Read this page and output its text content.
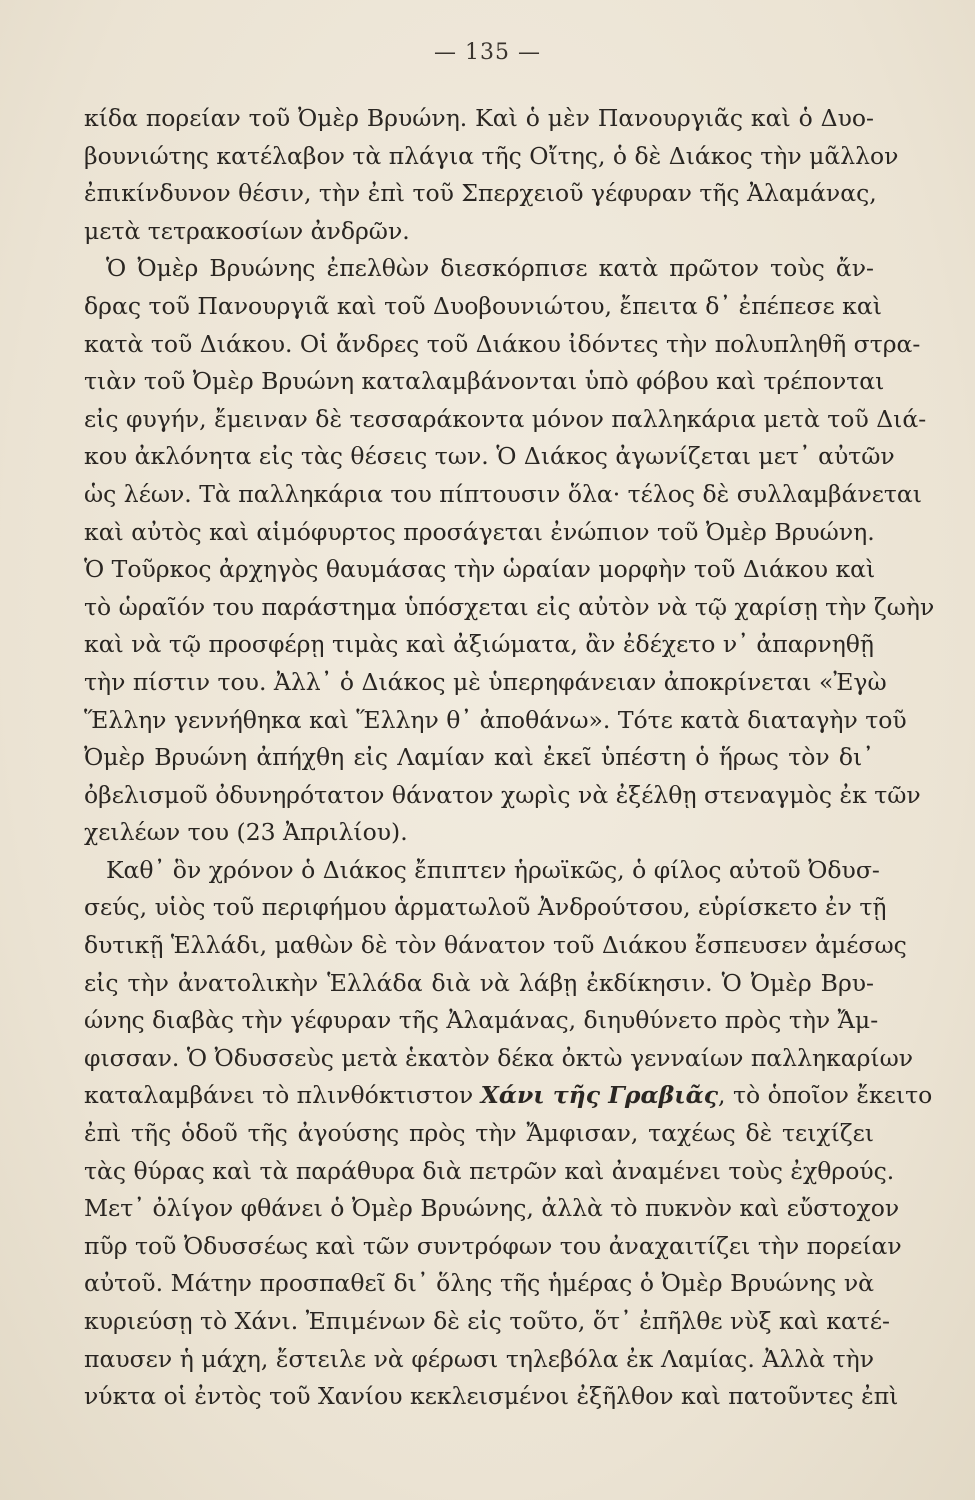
— 135 —
κίδα πορείαν τοῦ Ὀμὲρ Βρυώνη. Καὶ ὁ μὲν Πανουργιᾶς καὶ ὁ Δυο-
βουνιώτης κατέλαβον τὰ πλάγια τῆς Οἴτης, ὁ δὲ Διάκος τὴν μᾶλλον
ἐπικίνδυνον θέσιν, τὴν ἐπὶ τοῦ Σπερχειοῦ γέφυραν τῆς Ἀλαμάνας,
μετὰ τετρακοσίων ἀνδρῶν.
Ὁ Ὀμὲρ Βρυώνης ἐπελθὼν διεσκόρπισε κατὰ πρῶτον τοὺς ἄν-
δρας τοῦ Πανουργιᾶ καὶ τοῦ Δυοβουνιώτου, ἔπειτα δ᾽ ἐπέπεσε καὶ
κατὰ τοῦ Διάκου. Οἱ ἄνδρες τοῦ Διάκου ἰδόντες τὴν πολυπληθῆ στρα-
τιὰν τοῦ Ὀμὲρ Βρυώνη καταλαμβάνονται ὑπὸ φόβου καὶ τρέπονται
εἰς φυγήν, ἔμειναν δὲ τεσσαράκοντα μόνον παλληκάρια μετὰ τοῦ Διά-
κου ἀκλόνητα εἰς τὰς θέσεις των. Ὁ Διάκος ἀγωνίζεται μετ᾽ αὐτῶν
ὡς λέων. Τὰ παλληκάρια του πίπτουσιν ὅλα· τέλος δὲ συλλαμβάνεται
καὶ αὐτὸς καὶ αἱμόφυρτος προσάγεται ἐνώπιον τοῦ Ὀμὲρ Βρυώνη.
Ὁ Τοῦρκος ἀρχηγὸς θαυμάσας τὴν ὡραίαν μορφὴν τοῦ Διάκου καὶ
τὸ ὡραῖόν του παράστημα ὑπόσχεται εἰς αὐτὸν νὰ τῷ χαρίσῃ τὴν ζωὴν
καὶ νὰ τῷ προσφέρῃ τιμὰς καὶ ἀξιώματα, ἂν ἐδέχετο ν᾽ ἀπαρνηθῇ
τὴν πίστιν του. Ἀλλ᾽ ὁ Διάκος μὲ ὑπερηφάνειαν ἀποκρίνεται «Ἐγὼ
Ἕλλην γεννήθηκα καὶ Ἕλλην θ᾽ ἀποθάνω». Τότε κατὰ διαταγὴν τοῦ
Ὀμὲρ Βρυώνη ἀπήχθη εἰς Λαμίαν καὶ ἐκεῖ ὑπέστη ὁ ἥρως τὸν δι᾽
ὀβελισμοῦ ὀδυνηρότατον θάνατον χωρὶς νὰ ἐξέλθῃ στεναγμὸς ἐκ τῶν
χειλέων του (23 Ἀπριλίου).
Καθ᾽ ὃν χρόνον ὁ Διάκος ἔπιπτεν ἡρωϊκῶς, ὁ φίλος αὐτοῦ Ὀδυσ-
σεύς, υἱὸς τοῦ περιφήμου ἁρματωλοῦ Ἀνδρούτσου, εὑρίσκετο ἐν τῇ
δυτικῇ Ἑλλάδι, μαθὼν δὲ τὸν θάνατον τοῦ Διάκου ἔσπευσεν ἀμέσως
εἰς τὴν ἀνατολικὴν Ἑλλάδα διὰ νὰ λάβῃ ἐκδίκησιν. Ὁ Ὀμὲρ Βρυ-
ώνης διαβὰς τὴν γέφυραν τῆς Ἀλαμάνας, διηυθύνετο πρὸς τὴν Ἄμ-
φισσαν. Ὁ Ὀδυσσεὺς μετὰ ἑκατὸν δέκα ὀκτὼ γενναίων παλληκαρίων
καταλαμβάνει τὸ πλινθόκτιστον Χάνι τῆς Γραβιᾶς, τὸ ὁποῖον ἔκειτο
ἐπὶ τῆς ὁδοῦ τῆς ἀγούσης πρὸς τὴν Ἄμφισαν, ταχέως δὲ τειχίζει
τὰς θύρας καὶ τὰ παράθυρα διὰ πετρῶν καὶ ἀναμένει τοὺς ἐχθρούς.
Μετ᾽ ὀλίγον φθάνει ὁ Ὀμὲρ Βρυώνης, ἀλλὰ τὸ πυκνὸν καὶ εὔστοχον
πῦρ τοῦ Ὀδυσσέως καὶ τῶν συντρόφων του ἀναχαιτίζει τὴν πορείαν
αὐτοῦ. Μάτην προσπαθεῖ δι᾽ ὅλης τῆς ἡμέρας ὁ Ὀμὲρ Βρυώνης νὰ
κυριεύσῃ τὸ Χάνι. Ἐπιμένων δὲ εἰς τοῦτο, ὅτ᾽ ἐπῆλθε νὺξ καὶ κατέ-
παυσεν ἡ μάχη, ἔστειλε νὰ φέρωσι τηλεβόλα ἐκ Λαμίας. Ἀλλὰ τὴν
νύκτα οἱ ἐντὸς τοῦ Χανίου κεκλεισμένοι ἐξῆλθον καὶ πατοῦντες ἐπὶ
